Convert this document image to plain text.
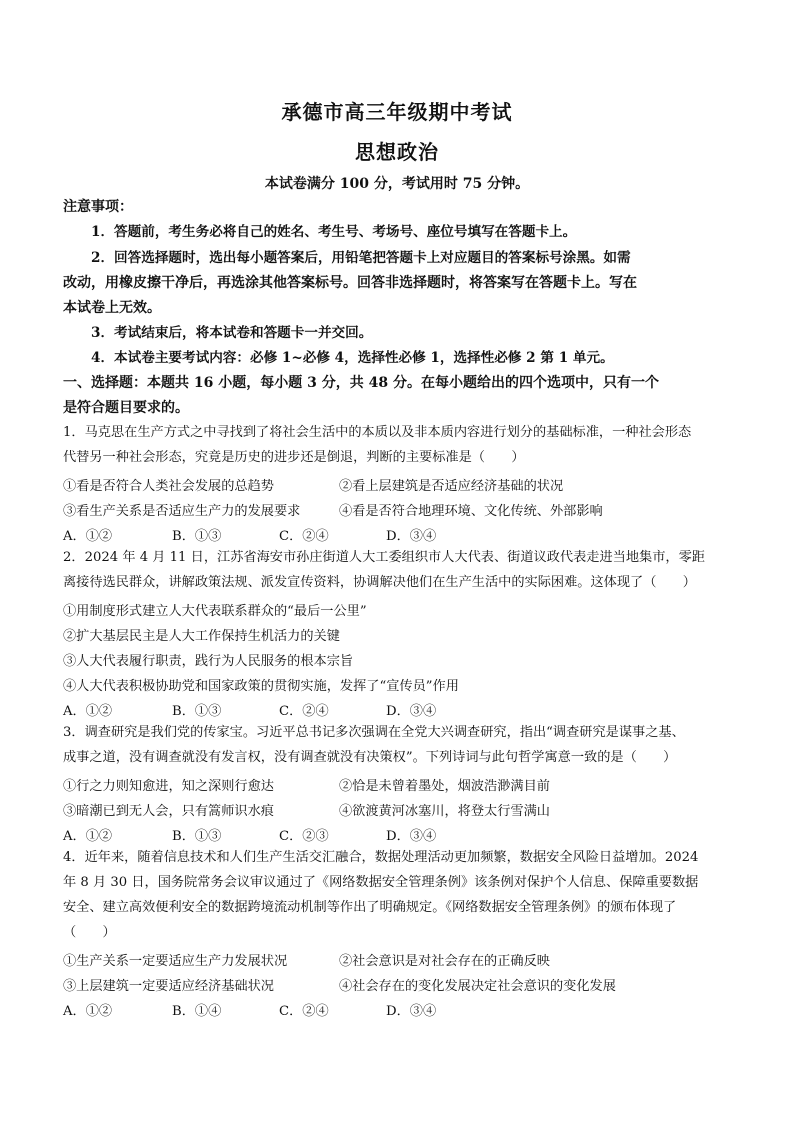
承德市高三年级期中考试
思想政治
本试卷满分 100 分，考试用时 75 分钟。
注意事项：
1．答题前，考生务必将自己的姓名、考生号、考场号、座位号填写在答题卡上。
2．回答选择题时，选出每小题答案后，用铅笔把答题卡上对应题目的答案标号涂黑。如需
改动，用橡皮擦干净后，再选涂其他答案标号。回答非选择题时，将答案写在答题卡上。写在
本试卷上无效。
3．考试结束后，将本试卷和答题卡一并交回。
4．本试卷主要考试内容：必修 1~必修 4，选择性必修 1，选择性必修 2 第 1 单元。
一、选择题：本题共 16 小题，每小题 3 分，共 48 分。在每小题给出的四个选项中，只有一个
是符合题目要求的。
1．马克思在生产方式之中寻找到了将社会生活中的本质以及非本质内容进行划分的基础标准，一种社会形态
代替另一种社会形态，究竟是历史的进步还是倒退，判断的主要标准是（　　）
①看是否符合人类社会发展的总趋势	②看上层建筑是否适应经济基础的状况
③看生产关系是否适应生产力的发展要求	④看是否符合地理环境、文化传统、外部影响
A．①②	B．①③	C．②④	D．③④
2．2024 年 4 月 11 日，江苏省海安市孙庄街道人大工委组织市人大代表、街道议政代表走进当地集市，零距
离接待选民群众，讲解政策法规、派发宣传资料，协调解决他们在生产生活中的实际困难。这体现了（　　）
①用制度形式建立人大代表联系群众的“最后一公里”
②扩大基层民主是人大工作保持生机活力的关键
③人大代表履行职责，践行为人民服务的根本宗旨
④人大代表积极协助党和国家政策的贯彻实施，发挥了“宣传员”作用
A．①②	B．①③	C．②④	D．③④
3．调查研究是我们党的传家宝。习近平总书记多次强调在全党大兴调查研究，指出“调查研究是谋事之基、
成事之道，没有调查就没有发言权，没有调查就没有决策权”。下列诗词与此句哲学寓意一致的是（　　）
①行之力则知愈进，知之深则行愈达	②恰是未曾着墨处，烟波浩渺满目前
③暗潮已到无人会，只有篙师识水痕	④欲渡黄河冰塞川，将登太行雪满山
A．①②	B．①③	C．②③	D．③④
4．近年来，随着信息技术和人们生产生活交汇融合，数据处理活动更加频繁，数据安全风险日益增加。2024
年 8 月 30 日，国务院常务会议审议通过了《网络数据安全管理条例》该条例对保护个人信息、保障重要数据
安全、建立高效便利安全的数据跨境流动机制等作出了明确规定。《网络数据安全管理条例》的颁布体现了
（　　）
①生产关系一定要适应生产力发展状况	②社会意识是对社会存在的正确反映
③上层建筑一定要适应经济基础状况	④社会存在的变化发展决定社会意识的变化发展
A．①②	B．①④	C．②④	D．③④
